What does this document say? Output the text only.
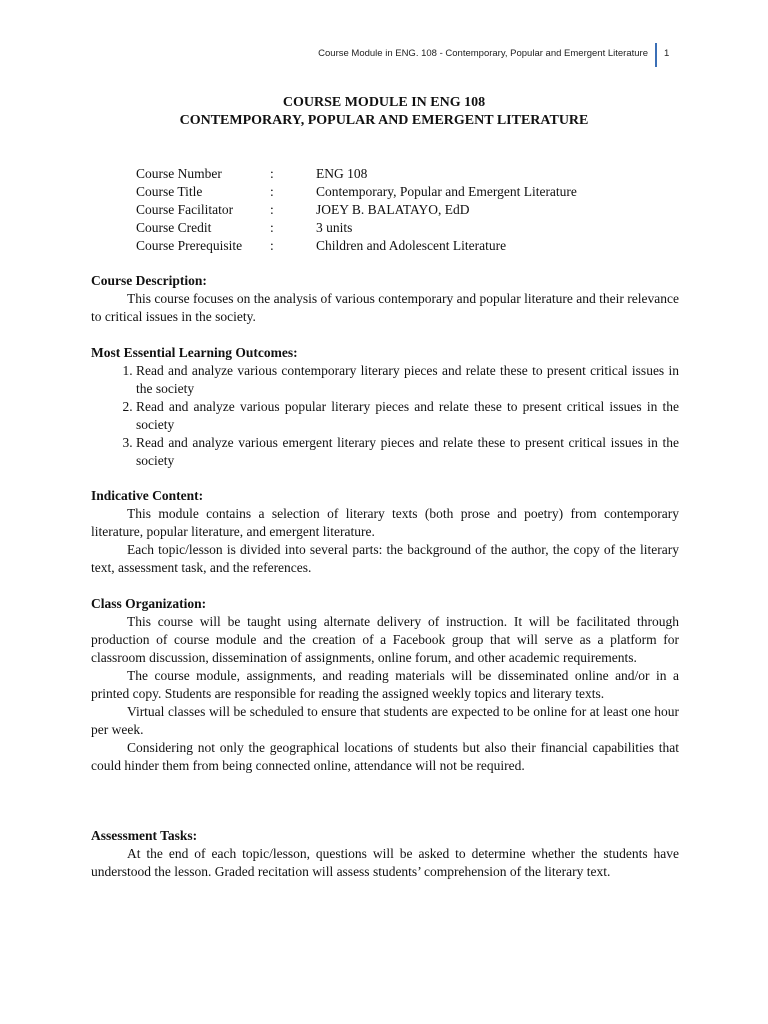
Course Module in ENG. 108 - Contemporary, Popular and Emergent Literature 1
COURSE MODULE IN ENG 108
CONTEMPORARY, POPULAR AND EMERGENT LITERATURE
Course Number	:	ENG 108
Course Title	:	Contemporary, Popular and Emergent Literature
Course Facilitator	:	JOEY B. BALATAYO, EdD
Course Credit	:	3 units
Course Prerequisite :	Children and Adolescent Literature
Course Description:

This course focuses on the analysis of various contemporary and popular literature and their relevance to critical issues in the society.

Most Essential Learning Outcomes:
1. Read and analyze various contemporary literary pieces and relate these to present critical issues in the society
2. Read and analyze various popular literary pieces and relate these to present critical issues in the society
3. Read and analyze various emergent literary pieces and relate these to present critical issues in the society
Indicative Content:

This module contains a selection of literary texts (both prose and poetry) from contemporary literature, popular literature, and emergent literature.

Each topic/lesson is divided into several parts: the background of the author, the copy of the literary text, assessment task, and the references.

Class Organization:

This course will be taught using alternate delivery of instruction. It will be facilitated through production of course module and the creation of a Facebook group that will serve as a platform for classroom discussion, dissemination of assignments, online forum, and other academic requirements.

The course module, assignments, and reading materials will be disseminated online and/or in a printed copy. Students are responsible for reading the assigned weekly topics and literary texts.

Virtual classes will be scheduled to ensure that students are expected to be online for at least one hour per week.

Considering not only the geographical locations of students but also their financial capabilities that could hinder them from being connected online, attendance will not be required.

Assessment Tasks:

At the end of each topic/lesson, questions will be asked to determine whether the students have understood the lesson. Graded recitation will assess students’ comprehension of the literary text.
